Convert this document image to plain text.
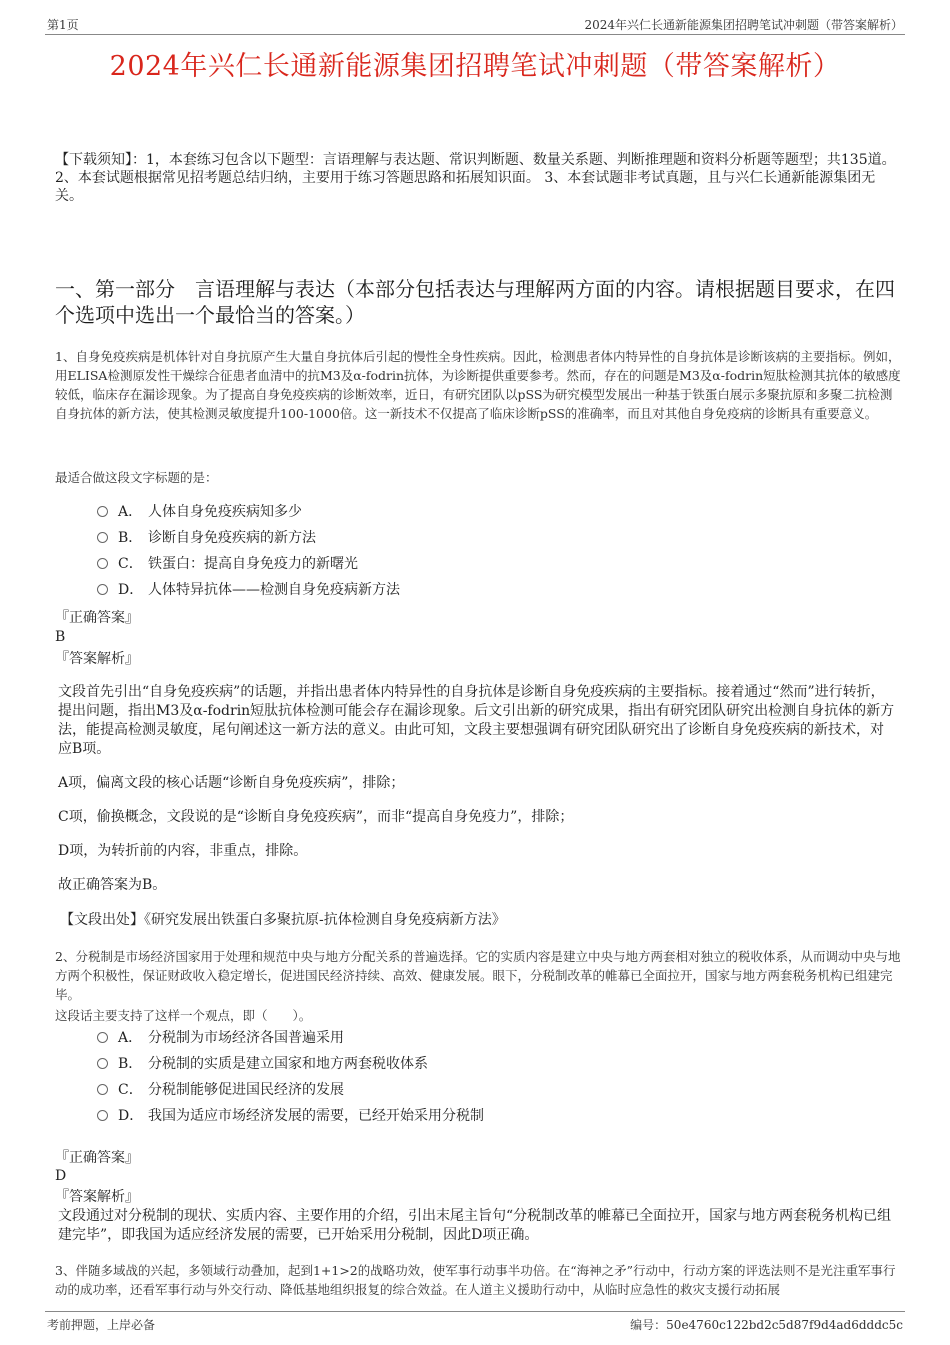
第1页	2024年兴仁长通新能源集团招聘笔试冲刺题（带答案解析）
2024年兴仁长通新能源集团招聘笔试冲刺题（带答案解析）
【下载须知】：1，本套练习包含以下题型：言语理解与表达题、常识判断题、数量关系题、判断推理题和资料分析题等题型；共135道。 2、本套试题根据常见招考题总结归纳，主要用于练习答题思路和拓展知识面。 3、本套试题非考试真题，且与兴仁长通新能源集团无关。
一、第一部分　言语理解与表达（本部分包括表达与理解两方面的内容。请根据题目要求，在四个选项中选出一个最恰当的答案。）
1、自身免疫疾病是机体针对自身抗原产生大量自身抗体后引起的慢性全身性疾病。因此，检测患者体内特异性的自身抗体是诊断该病的主要指标。例如，用ELISA检测原发性干燥综合征患者血清中的抗M3及α-fodrin抗体，为诊断提供重要参考。然而，存在的问题是M3及α-fodrin短肽检测其抗体的敏感度较低，临床存在漏诊现象。为了提高自身免疫疾病的诊断效率，近日，有研究团队以pSS为研究模型发展出一种基于铁蛋白展示多聚抗原和多聚二抗检测自身抗体的新方法，使其检测灵敏度提升100-1000倍。这一新技术不仅提高了临床诊断pSS的准确率，而且对其他自身免疫病的诊断具有重要意义。
最适合做这段文字标题的是：
A． 人体自身免疫疾病知多少
B． 诊断自身免疫疾病的新方法
C． 铁蛋白：提高自身免疫力的新曙光
D． 人体特异抗体——检测自身免疫病新方法
『正确答案』
B
『答案解析』

文段首先引出“自身免疫疾病”的话题，并指出患者体内特异性的自身抗体是诊断自身免疫疾病的主要指标。接着通过“然而”进行转折，提出问题，指出M3及α-fodrin短肽抗体检测可能会存在漏诊现象。后文引出新的研究成果，指出有研究团队研究出检测自身抗体的新方法，能提高检测灵敏度，尾句阐述这一新方法的意义。由此可知，文段主要想强调有研究团队研究出了诊断自身免疫疾病的新技术，对应B项。

A项，偏离文段的核心话题“诊断自身免疫疾病”，排除；

C项，偷换概念，文段说的是“诊断自身免疫疾病”，而非“提高自身免疫力”，排除；

D项，为转折前的内容，非重点，排除。

故正确答案为B。

【文段出处】《研究发展出铁蛋白多聚抗原-抗体检测自身免疫病新方法》
2、分税制是市场经济国家用于处理和规范中央与地方分配关系的普遍选择。它的实质内容是建立中央与地方两套相对独立的税收体系，从而调动中央与地方两个积极性，保证财政收入稳定增长，促进国民经济持续、高效、健康发展。眼下，分税制改革的帷幕已全面拉开，国家与地方两套税务机构已组建完毕。
这段话主要支持了这样一个观点，即（　　）。
A． 分税制为市场经济各国普遍采用
B． 分税制的实质是建立国家和地方两套税收体系
C． 分税制能够促进国民经济的发展
D． 我国为适应市场经济发展的需要，已经开始采用分税制
『正确答案』
D
『答案解析』
文段通过对分税制的现状、实质内容、主要作用的介绍，引出末尾主旨句“分税制改革的帷幕已全面拉开，国家与地方两套税务机构已组建完毕”，即我国为适应经济发展的需要，已开始采用分税制，因此D项正确。
3、伴随多域战的兴起，多领域行动叠加，起到1+1>2的战略功效，使军事行动事半功倍。在“海神之矛”行动中，行动方案的评选法则不是光注重军事行动的成功率，还看军事行动与外交行动、降低基地组织报复的综合效益。在人道主义援助行动中，从临时应急性的救灾支援行动拓展
考前押题，上岸必备	编号：50e4760c122bd2c5d87f9d4ad6dddc5c
